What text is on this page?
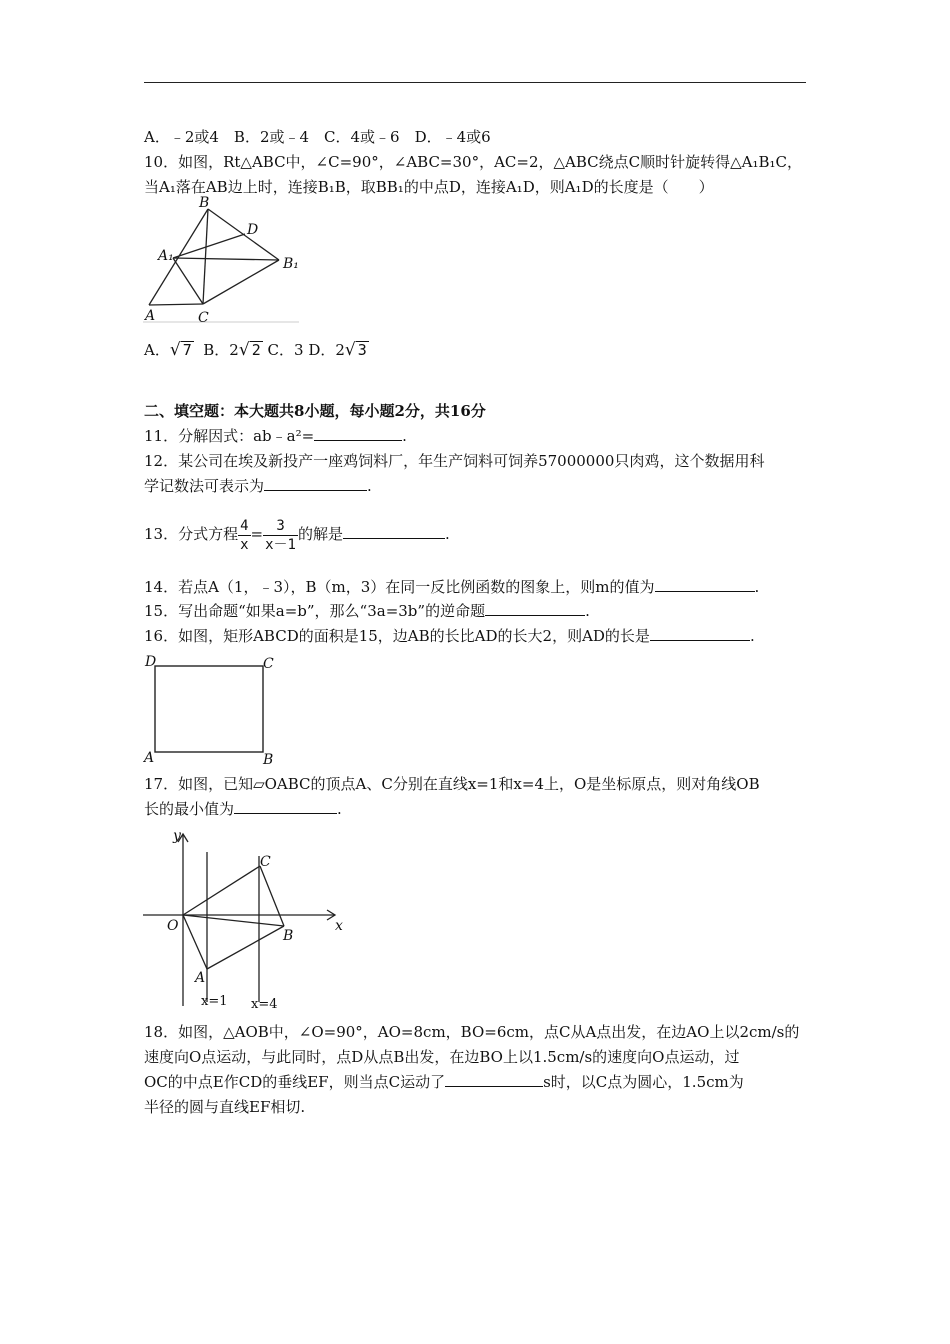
A．﹣2或4　B．2或﹣4　C．4或﹣6　D．﹣4或6
10．如图，Rt△ABC中，∠C=90°，∠ABC=30°，AC=2，△ABC绕点C顺时针旋转得△A₁B₁C，
当A₁落在AB边上时，连接B₁B，取BB₁的中点D，连接A₁D，则A₁D的长度是（　　）
B
D
A₁	B₁
A	C
A．√ 7 B．2√ 2 C．3 D．2√ 3
二、填空题：本大题共8小题，每小题2分，共16分
11．分解因式：ab﹣a²=	.
12．某公司在埃及新投产一座鸡饲料厂，年生产饲料可饲养57000000只肉鸡，这个数据用科
学记数法可表示为	.
13．分式方程 $\frac{4}{x} = \frac{3}{x-1}$ 的解是	.
14．若点A（1，﹣3），B（m，3）在同一反比例函数的图象上，则m的值为	.
15．写出命题“如果a=b”，那么“3a=3b”的逆命题	.
16．如图，矩形ABCD的面积是15，边AB的长比AD的长大2，则AD的长是	.
D	C
A	B
17．如图，已知▱OABC的顶点A、C分别在直线x=1和x=4上，O是坐标原点，则对角线OB
长的最小值为	.
y
x
O
C
B
A
x=1 x=4
18．如图，△AOB中，∠O=90°，AO=8cm，BO=6cm，点C从A点出发，在边AO上以2cm/s的
速度向O点运动，与此同时，点D从点B出发，在边BO上以1.5cm/s的速度向O点运动，过
OC的中点E作CD的垂线EF，则当点C运动了	s时，以C点为圆心，1.5cm为
半径的圆与直线EF相切.
